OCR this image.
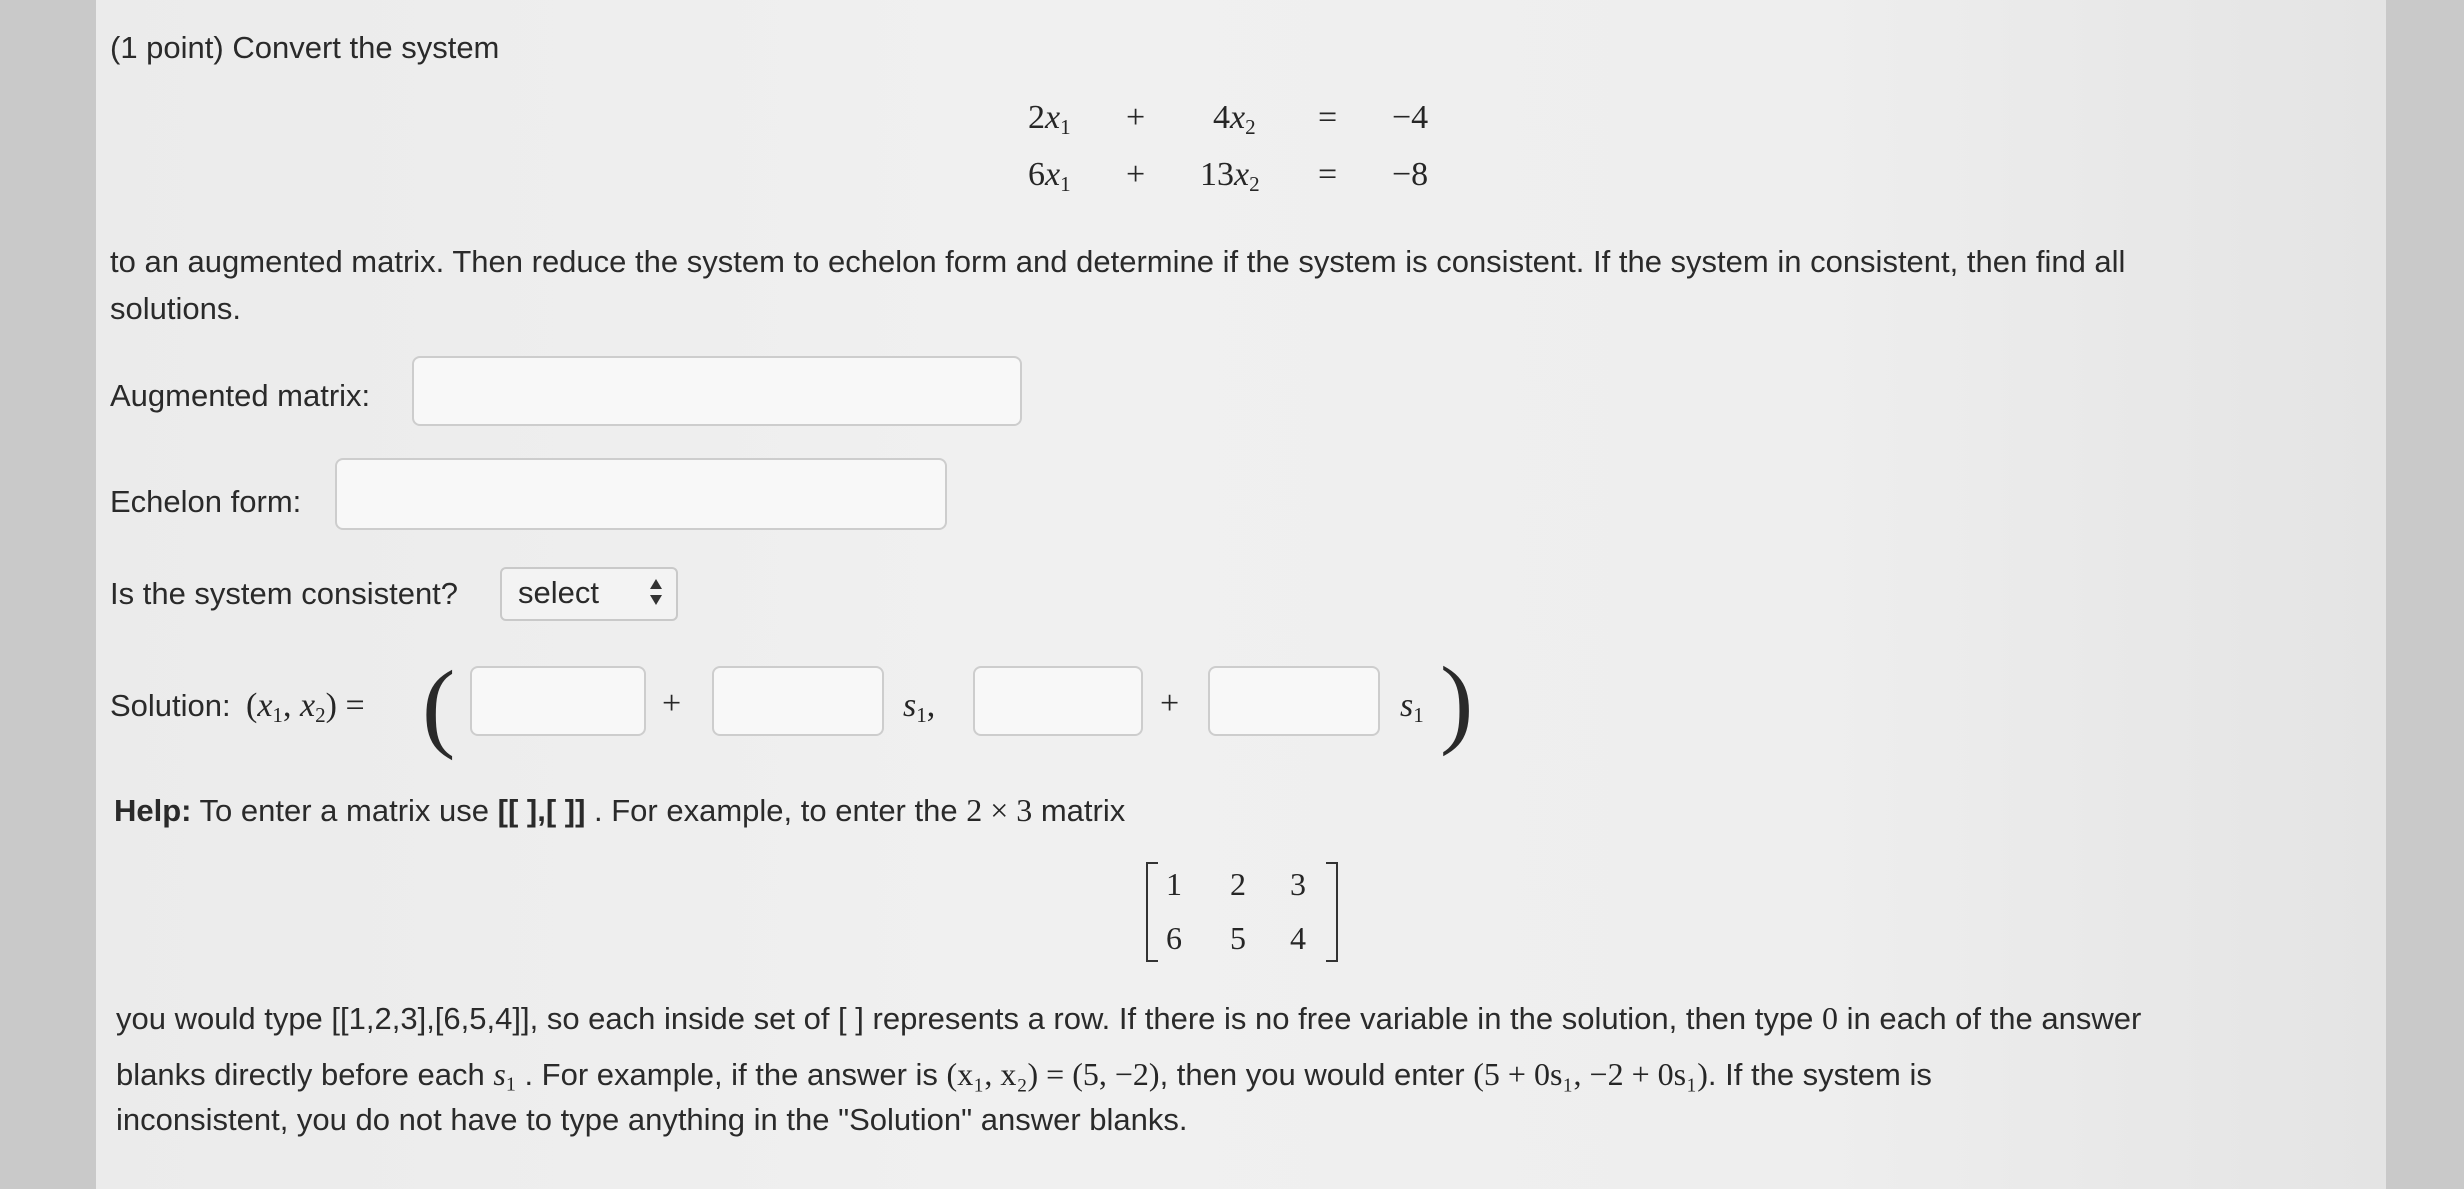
(1 point) Convert the system
$2x_1 + 4x_2 = -4$
$6x_1 + 13x_2 = -8$
to an augmented matrix. Then reduce the system to echelon form and determine if the system is consistent. If the system in consistent, then find all
solutions.
Augmented matrix:
Echelon form:
Is the system consistent?	select
Solution: ($x_1$, $x_2$) = (	+	$s_1$,	+	$s_1$ )
Help: To enter a matrix use [[ ],[ ]] . For example, to enter the 2 × 3 matrix
1 2 3
6 5 4
you would type [[1,2,3],[6,5,4]], so each inside set of [ ] represents a row. If there is no free variable in the solution, then type 0 in each of the answer
blanks directly before each $s_1$ . For example, if the answer is (x₁, x₂) = (5, −2), then you would enter (5 + 0s₁, −2 + 0s₁). If the system is
inconsistent, you do not have to type anything in the "Solution" answer blanks.
